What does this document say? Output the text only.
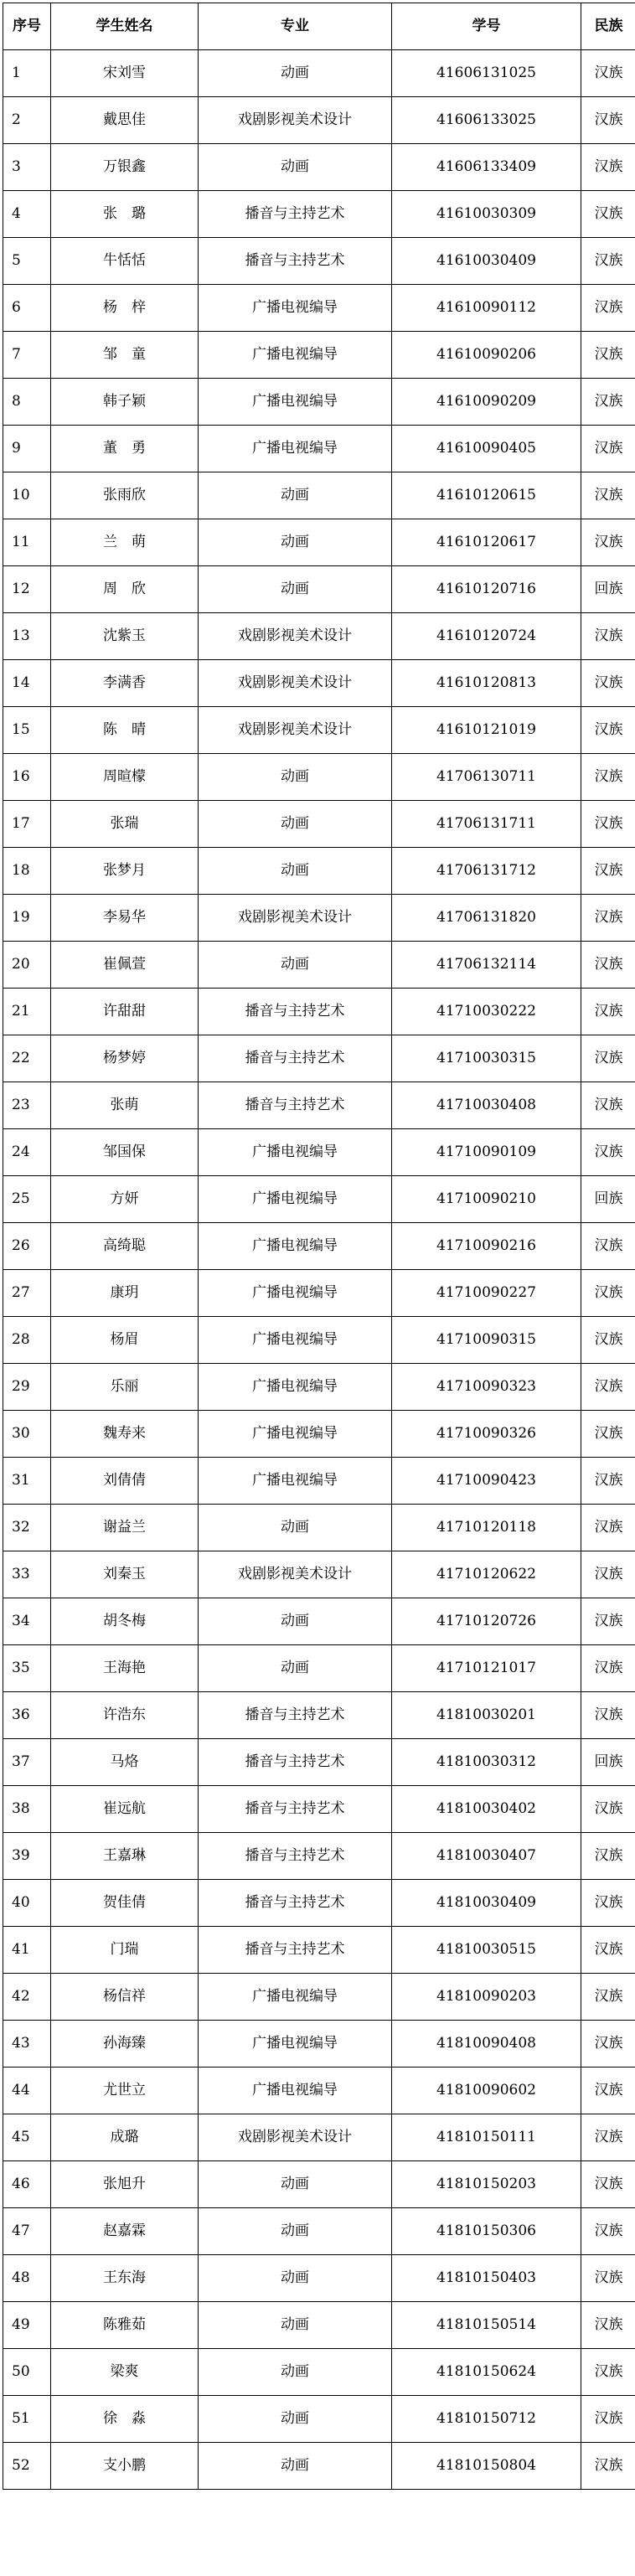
序号	学生姓名	专业	学号	民族
1	宋刘雪	动画	41606131025	汉族
2	戴思佳	戏剧影视美术设计	41606133025	汉族
3	万银鑫	动画	41606133409	汉族
4	张　璐	播音与主持艺术	41610030309	汉族
5	牛恬恬	播音与主持艺术	41610030409	汉族
6	杨　梓	广播电视编导	41610090112	汉族
7	邹　童	广播电视编导	41610090206	汉族
8	韩子颖	广播电视编导	41610090209	汉族
9	董　勇	广播电视编导	41610090405	汉族
10	张雨欣	动画	41610120615	汉族
11	兰　萌	动画	41610120617	汉族
12	周　欣	动画	41610120716	回族
13	沈紫玉	戏剧影视美术设计	41610120724	汉族
14	李满香	戏剧影视美术设计	41610120813	汉族
15	陈　晴	戏剧影视美术设计	41610121019	汉族
16	周暄檬	动画	41706130711	汉族
17	张瑞	动画	41706131711	汉族
18	张梦月	动画	41706131712	汉族
19	李易华	戏剧影视美术设计	41706131820	汉族
20	崔佩萱	动画	41706132114	汉族
21	许甜甜	播音与主持艺术	41710030222	汉族
22	杨梦婷	播音与主持艺术	41710030315	汉族
23	张萌	播音与主持艺术	41710030408	汉族
24	邹国保	广播电视编导	41710090109	汉族
25	方妍	广播电视编导	41710090210	回族
26	高绮聪	广播电视编导	41710090216	汉族
27	康玥	广播电视编导	41710090227	汉族
28	杨眉	广播电视编导	41710090315	汉族
29	乐丽	广播电视编导	41710090323	汉族
30	魏寿来	广播电视编导	41710090326	汉族
31	刘倩倩	广播电视编导	41710090423	汉族
32	谢益兰	动画	41710120118	汉族
33	刘秦玉	戏剧影视美术设计	41710120622	汉族
34	胡冬梅	动画	41710120726	汉族
35	王海艳	动画	41710121017	汉族
36	许浩东	播音与主持艺术	41810030201	汉族
37	马烙	播音与主持艺术	41810030312	回族
38	崔远航	播音与主持艺术	41810030402	汉族
39	王嘉琳	播音与主持艺术	41810030407	汉族
40	贺佳倩	播音与主持艺术	41810030409	汉族
41	门瑞	播音与主持艺术	41810030515	汉族
42	杨信祥	广播电视编导	41810090203	汉族
43	孙海臻	广播电视编导	41810090408	汉族
44	尤世立	广播电视编导	41810090602	汉族
45	成璐	戏剧影视美术设计	41810150111	汉族
46	张旭升	动画	41810150203	汉族
47	赵嘉霖	动画	41810150306	汉族
48	王东海	动画	41810150403	汉族
49	陈雅茹	动画	41810150514	汉族
50	梁爽	动画	41810150624	汉族
51	徐　淼	动画	41810150712	汉族
52	支小鹏	动画	41810150804	汉族
